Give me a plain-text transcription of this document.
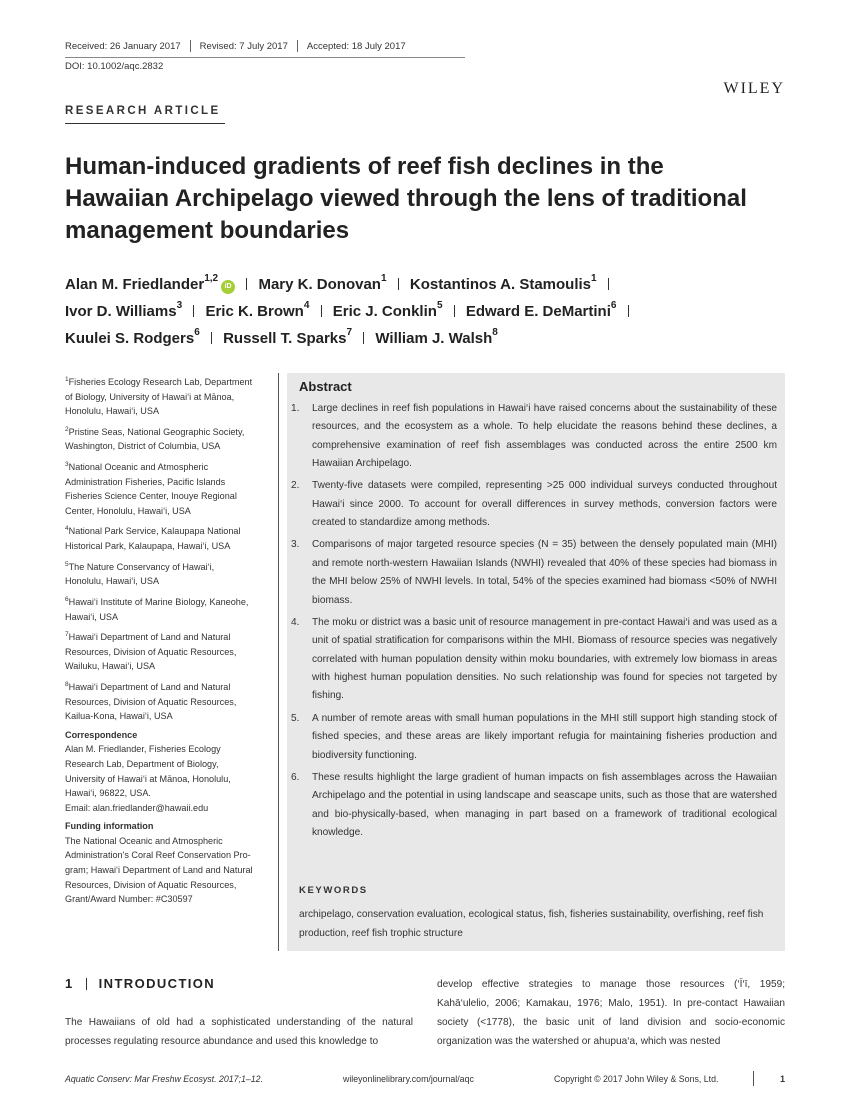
Received: 26 January 2017 Revised: 7 July 2017 Accepted: 18 July 2017
DOI: 10.1002/aqc.2832
WILEY
RESEARCH ARTICLE
Human-induced gradients of reef fish declines in the Hawaiian Archipelago viewed through the lens of traditional management boundaries
Alan M. Friedlander$^{1,2}$iD Mary K. Donovan$^1$ Kostantinos A. Stamoulis$^1$
Ivor D. Williams$^3$ Eric K. Brown$^4$ Eric J. Conklin$^5$ Edward E. DeMartini$^6$
Kuulei S. Rodgers$^6$ Russell T. Sparks$^7$ William J. Walsh$^8$
$^1$Fisheries Ecology Research Lab, Department
of Biology, University of Hawai‘i at Mānoa,
Honolulu, Hawai‘i, USA
$^2$Pristine Seas, National Geographic Society,
Washington, District of Columbia, USA
$^3$National Oceanic and Atmospheric
Administration Fisheries, Pacific Islands
Fisheries Science Center, Inouye Regional
Center, Honolulu, Hawai‘i, USA
$^4$National Park Service, Kalaupapa National
Historical Park, Kalaupapa, Hawai‘i, USA
$^5$The Nature Conservancy of Hawai‘i,
Honolulu, Hawai‘i, USA
$^6$Hawai‘i Institute of Marine Biology, Kaneohe,
Hawai‘i, USA
$^7$Hawai‘i Department of Land and Natural
Resources, Division of Aquatic Resources,
Wailuku, Hawai‘i, USA
$^8$Hawai‘i Department of Land and Natural
Resources, Division of Aquatic Resources,
Kailua-Kona, Hawai‘i, USA
Correspondence
Alan M. Friedlander, Fisheries Ecology
Research Lab, Department of Biology,
University of Hawai‘i at Mānoa, Honolulu,
Hawai‘i, 96822, USA.
Email: alan.friedlander@hawaii.edu
Funding information
The National Oceanic and Atmospheric
Administration's Coral Reef Conservation Pro-
gram; Hawai‘i Department of Land and Natural
Resources, Division of Aquatic Resources,
Grant/Award Number: #C30597
Abstract
1.	Large declines in reef fish populations in Hawai‘i have raised concerns about the sustainability of these resources, and the ecosystem as a whole. To help elucidate the reasons behind these declines, a comprehensive examination of reef fish assemblages was conducted across the entire 2500 km Hawaiian Archipelago.
2.	Twenty-five datasets were compiled, representing >25 000 individual surveys conducted throughout Hawai‘i since 2000. To account for overall differences in survey methods, conversion factors were created to standardize among methods.
3.	Comparisons of major targeted resource species (N = 35) between the densely populated main (MHI) and remote north-western Hawaiian Islands (NWHI) revealed that 40% of these species had biomass in the MHI below 25% of NWHI levels. In total, 54% of the species examined had biomass <50% of NWHI biomass.
4.	The moku or district was a basic unit of resource management in pre-contact Hawai‘i and was used as a unit of spatial stratification for comparisons within the MHI. Biomass of resource species was negatively correlated with human population density within moku boundaries, with extremely low biomass in areas with highest human population densities. No such relationship was found for species not targeted by fishing.
5.	A number of remote areas with small human populations in the MHI still support high standing stock of fished species, and these areas are likely important refugia for maintaining fisheries production and biodiversity functioning.
6.	These results highlight the large gradient of human impacts on fish assemblages across the Hawaiian Archipelago and the potential in using landscape and seascape units, such as those that are watershed and bio-physically-based, when managing in part based on a framework of traditional ecological knowledge.
KEYWORDS
archipelago, conservation evaluation, ecological status, fish, fisheries sustainability, overfishing, reef fish production, reef fish trophic structure
1 INTRODUCTION
The Hawaiians of old had a sophisticated understanding of the natural processes regulating resource abundance and used this knowledge to
develop effective strategies to manage those resources (‘Ī‘ī, 1959; Kahā‘ulelio, 2006; Kamakau, 1976; Malo, 1951). In pre-contact Hawaiian society (<1778), the basic unit of land division and socio-economic organization was the watershed or ahupua‘a, which was nested
Aquatic Conserv: Mar Freshw Ecosyst. 2017;1–12.	wileyonlinelibrary.com/journal/aqc	Copyright © 2017 John Wiley & Sons, Ltd.	1
